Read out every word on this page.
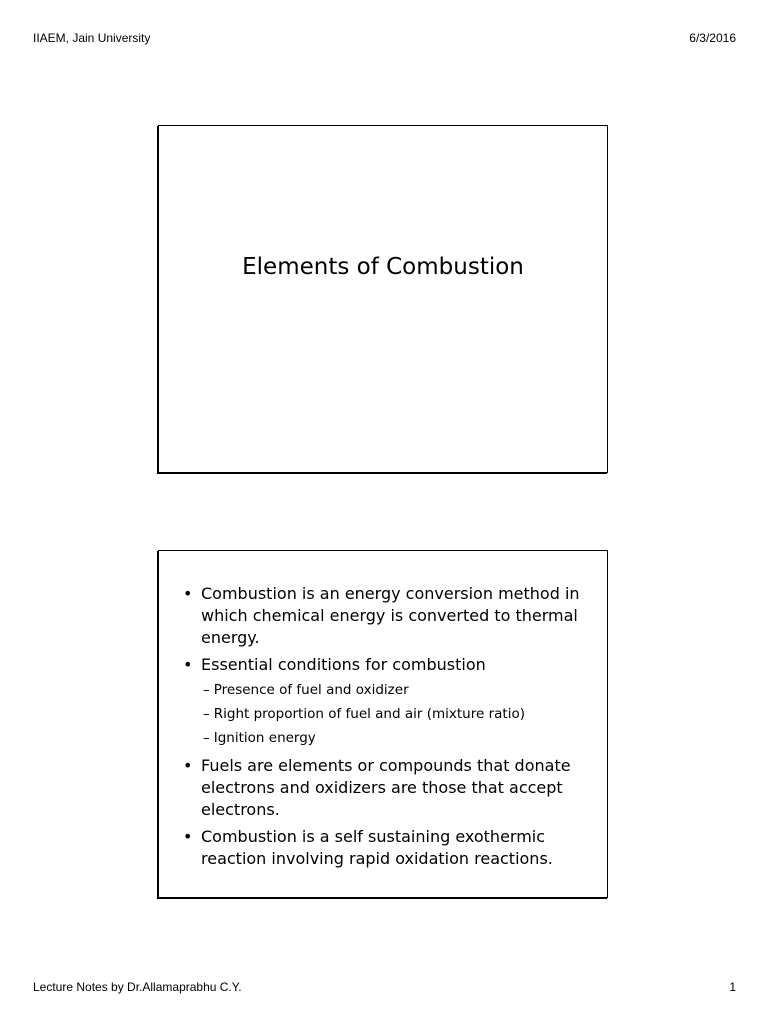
IIAEM, Jain University	6/3/2016
Elements of Combustion
• Combustion is an energy conversion method in which chemical energy is converted to thermal energy.
• Essential conditions for combustion
– Presence of fuel and oxidizer
– Right proportion of fuel and air (mixture ratio)
– Ignition energy
• Fuels are elements or compounds that donate electrons and oxidizers are those that accept electrons.
• Combustion is a self sustaining exothermic reaction involving rapid oxidation reactions.
Lecture Notes by Dr.Allamaprabhu C.Y.	1
